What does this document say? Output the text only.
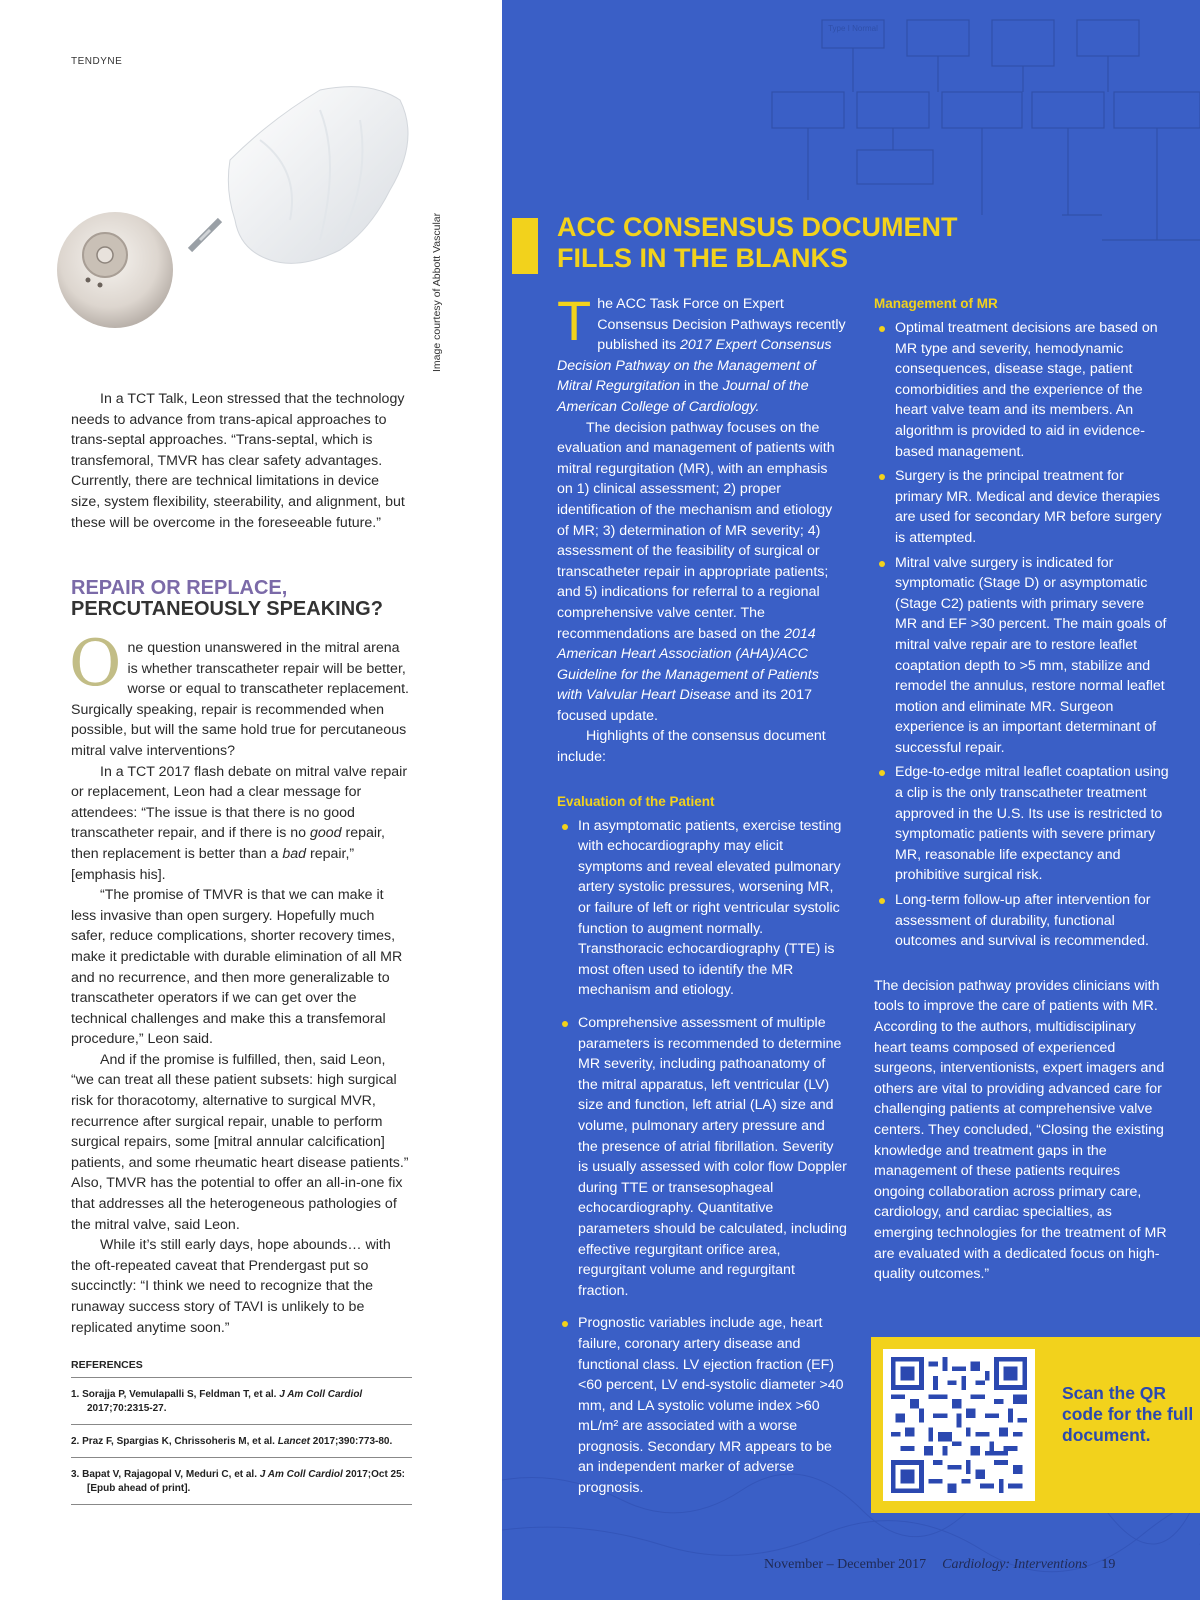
TENDYNE
Image courtesy of Abbott Vascular

In a TCT Talk, Leon stressed that the technology needs to advance from trans-apical approaches to trans-septal approaches. “Trans-septal, which is transfemoral, TMVR has clear safety advantages. Currently, there are technical limitations in device size, system flexibility, steerability, and alignment, but these will be overcome in the foreseeable future.”

REPAIR OR REPLACE,
PERCUTANEOUSLY SPEAKING?

One question unanswered in the mitral arena is whether transcatheter repair will be better, worse or equal to transcatheter replacement. Surgically speaking, repair is recommended when possible, but will the same hold true for percutaneous mitral valve interventions?

In a TCT 2017 flash debate on mitral valve repair or replacement, Leon had a clear message for attendees: “The issue is that there is no good transcatheter repair, and if there is no good repair, then replacement is better than a bad repair,” [emphasis his].

“The promise of TMVR is that we can make it less invasive than open surgery. Hopefully much safer, reduce complications, shorter recovery times, make it predictable with durable elimination of all MR and no recurrence, and then more generalizable to transcatheter operators if we can get over the technical challenges and make this a transfemoral procedure,” Leon said.

And if the promise is fulfilled, then, said Leon, “we can treat all these patient subsets: high surgical risk for thoracotomy, alternative to surgical MVR, recurrence after surgical repair, unable to perform surgical repairs, some [mitral annular calcification] patients, and some rheumatic heart disease patients.” Also, TMVR has the potential to offer an all-in-one fix that addresses all the heterogeneous pathologies of the mitral valve, said Leon.

While it’s still early days, hope abounds… with the oft-repeated caveat that Prendergast put so succinctly: “I think we need to recognize that the runaway success story of TAVI is unlikely to be replicated anytime soon.”

REFERENCES
1. Sorajja P, Vemulapalli S, Feldman T, et al. J Am Coll Cardiol 2017;70:2315-27.
2. Praz F, Spargias K, Chrissoheris M, et al. Lancet 2017;390:773-80.
3. Bapat V, Rajagopal V, Meduri C, et al. J Am Coll Cardiol 2017;Oct 25:[Epub ahead of print].
Type I Normal
ACC CONSENSUS DOCUMENT
FILLS IN THE BLANKS

The ACC Task Force on Expert Consensus Decision Pathways recently published its 2017 Expert Consensus Decision Pathway on the Management of Mitral Regurgitation in the Journal of the American College of Cardiology.

The decision pathway focuses on the evaluation and management of patients with mitral regurgitation (MR), with an emphasis on 1) clinical assessment; 2) proper identification of the mechanism and etiology of MR; 3) determination of MR severity; 4) assessment of the feasibility of surgical or transcatheter repair in appropriate patients; and 5) indications for referral to a regional comprehensive valve center. The recommendations are based on the 2014 American Heart Association (AHA)/ACC Guideline for the Management of Patients with Valvular Heart Disease and its 2017 focused update.

Highlights of the consensus document include:

Evaluation of the Patient
In asymptomatic patients, exercise testing with echocardiography may elicit symptoms and reveal elevated pulmonary artery systolic pressures, worsening MR, or failure of left or right ventricular systolic function to augment normally. Transthoracic echocardiography (TTE) is most often used to identify the MR mechanism and etiology.
Comprehensive assessment of multiple parameters is recommended to determine MR severity, including pathoanatomy of the mitral apparatus, left ventricular (LV) size and function, left atrial (LA) size and volume, pulmonary artery pressure and the presence of atrial fibrillation. Severity is usually assessed with color flow Doppler during TTE or transesophageal echocardiography. Quantitative parameters should be calculated, including effective regurgitant orifice area, regurgitant volume and regurgitant fraction.
Prognostic variables include age, heart failure, coronary artery disease and functional class. LV ejection fraction (EF) <60 percent, LV end-systolic diameter >40 mm, and LA systolic volume index >60 mL/m² are associated with a worse prognosis. Secondary MR appears to be an independent marker of adverse prognosis.
Management of MR
Optimal treatment decisions are based on MR type and severity, hemodynamic consequences, disease stage, patient comorbidities and the experience of the heart valve team and its members. An algorithm is provided to aid in evidence-based management.
Surgery is the principal treatment for primary MR. Medical and device therapies are used for secondary MR before surgery is attempted.
Mitral valve surgery is indicated for symptomatic (Stage D) or asymptomatic (Stage C2) patients with primary severe MR and EF >30 percent. The main goals of mitral valve repair are to restore leaflet coaptation depth to >5 mm, stabilize and remodel the annulus, restore normal leaflet motion and eliminate MR. Surgeon experience is an important determinant of successful repair.
Edge-to-edge mitral leaflet coaptation using a clip is the only transcatheter treatment approved in the U.S. Its use is restricted to symptomatic patients with severe primary MR, reasonable life expectancy and prohibitive surgical risk.
Long-term follow-up after intervention for assessment of durability, functional outcomes and survival is recommended.

The decision pathway provides clinicians with tools to improve the care of patients with MR. According to the authors, multidisciplinary heart teams composed of experienced surgeons, interventionists, expert imagers and others are vital to providing advanced care for challenging patients at comprehensive valve centers. They concluded, “Closing the existing knowledge and treatment gaps in the management of these patients requires ongoing collaboration across primary care, cardiology, and cardiac specialties, as emerging technologies for the treatment of MR are evaluated with a dedicated focus on high-quality outcomes.”

Scan the QR code for the full document.
November – December 2017 Cardiology: Interventions 19
